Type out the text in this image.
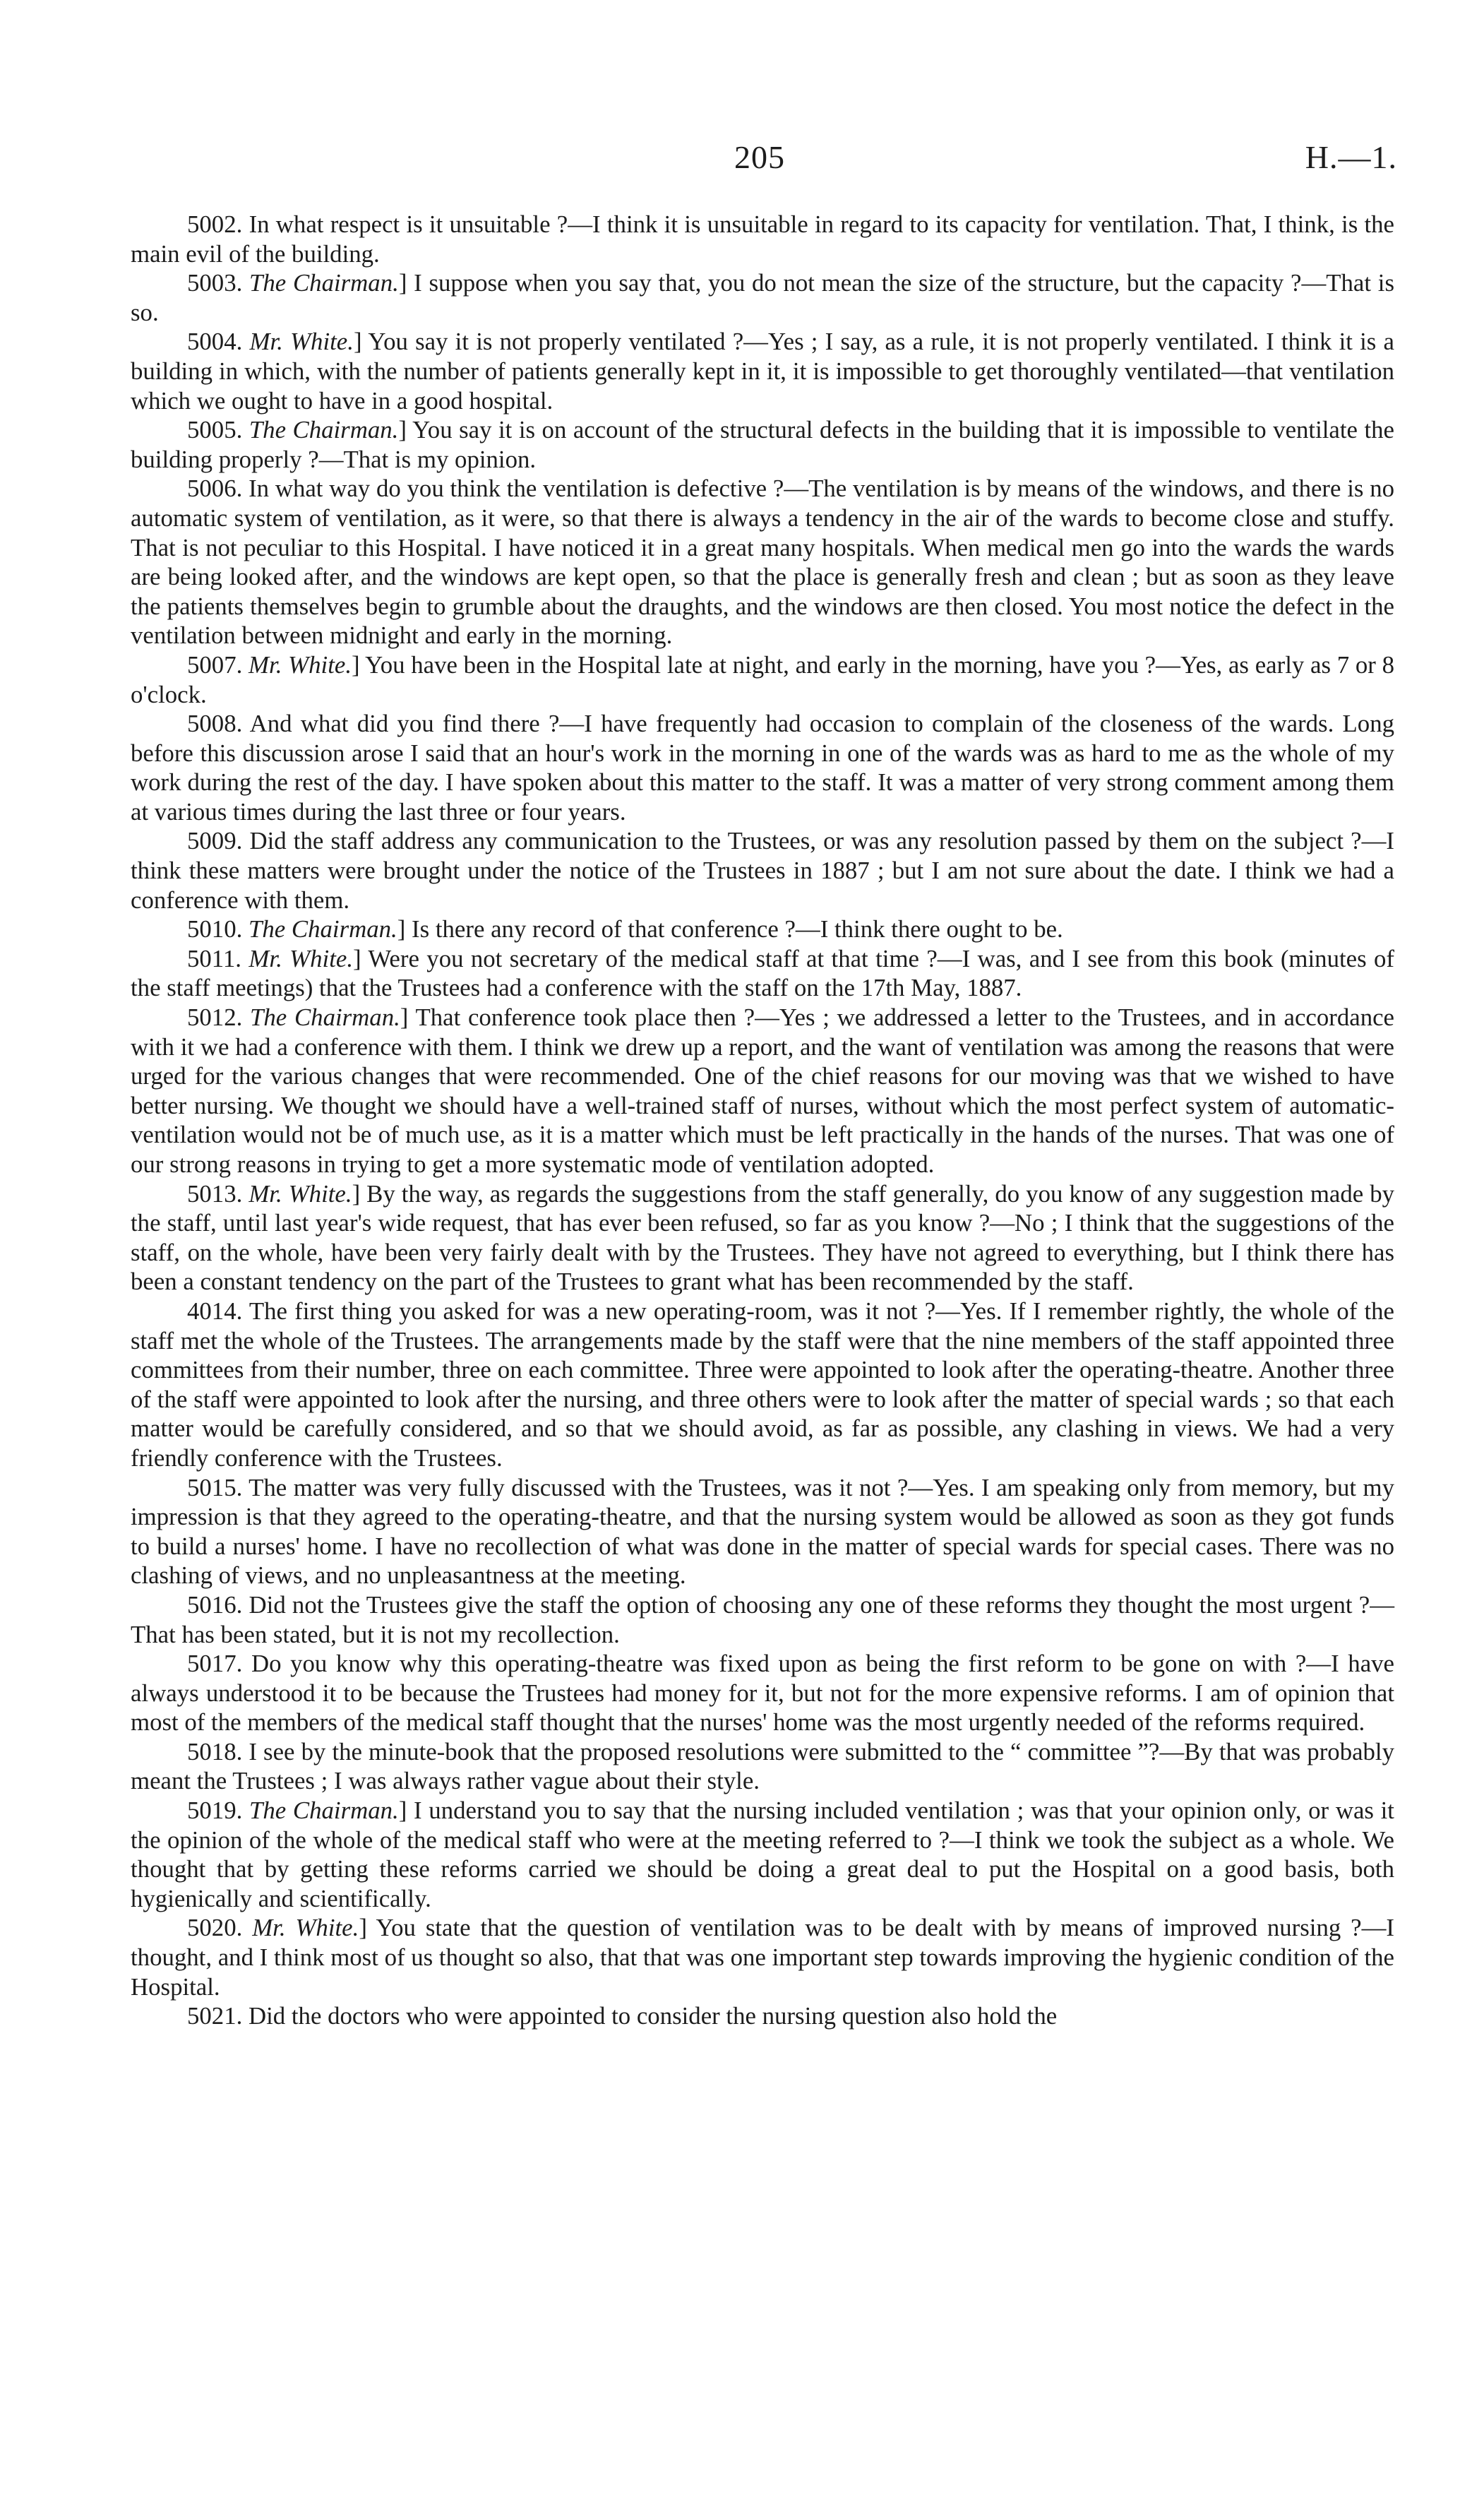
205	H.—1.

5002. In what respect is it unsuitable ?—I think it is unsuitable in regard to its capacity for ventilation. That, I think, is the main evil of the building.

5003. The Chairman.] I suppose when you say that, you do not mean the size of the structure, but the capacity ?—That is so.

5004. Mr. White.] You say it is not properly ventilated ?—Yes ; I say, as a rule, it is not properly ventilated. I think it is a building in which, with the number of patients generally kept in it, it is impossible to get thoroughly ventilated—that ventilation which we ought to have in a good hospital.

5005. The Chairman.] You say it is on account of the structural defects in the building that it is impossible to ventilate the building properly ?—That is my opinion.

5006. In what way do you think the ventilation is defective ?—The ventilation is by means of the windows, and there is no automatic system of ventilation, as it were, so that there is always a tendency in the air of the wards to become close and stuffy. That is not peculiar to this Hospital. I have noticed it in a great many hospitals. When medical men go into the wards the wards are being looked after, and the windows are kept open, so that the place is generally fresh and clean ; but as soon as they leave the patients themselves begin to grumble about the draughts, and the windows are then closed. You most notice the defect in the ventilation between midnight and early in the morning.

5007. Mr. White.] You have been in the Hospital late at night, and early in the morning, have you ?—Yes, as early as 7 or 8 o'clock.

5008. And what did you find there ?—I have frequently had occasion to complain of the closeness of the wards. Long before this discussion arose I said that an hour's work in the morning in one of the wards was as hard to me as the whole of my work during the rest of the day. I have spoken about this matter to the staff. It was a matter of very strong comment among them at various times during the last three or four years.

5009. Did the staff address any communication to the Trustees, or was any resolution passed by them on the subject ?—I think these matters were brought under the notice of the Trustees in 1887 ; but I am not sure about the date. I think we had a conference with them.

5010. The Chairman.] Is there any record of that conference ?—I think there ought to be.

5011. Mr. White.] Were you not secretary of the medical staff at that time ?—I was, and I see from this book (minutes of the staff meetings) that the Trustees had a conference with the staff on the 17th May, 1887.

5012. The Chairman.] That conference took place then ?—Yes ; we addressed a letter to the Trustees, and in accordance with it we had a conference with them. I think we drew up a report, and the want of ventilation was among the reasons that were urged for the various changes that were recommended. One of the chief reasons for our moving was that we wished to have better nursing. We thought we should have a well-trained staff of nurses, without which the most perfect system of automatic-ventilation would not be of much use, as it is a matter which must be left practically in the hands of the nurses. That was one of our strong reasons in trying to get a more systematic mode of ventilation adopted.

5013. Mr. White.] By the way, as regards the suggestions from the staff generally, do you know of any suggestion made by the staff, until last year's wide request, that has ever been refused, so far as you know ?—No ; I think that the suggestions of the staff, on the whole, have been very fairly dealt with by the Trustees. They have not agreed to everything, but I think there has been a constant tendency on the part of the Trustees to grant what has been recommended by the staff.

4014. The first thing you asked for was a new operating-room, was it not ?—Yes. If I remember rightly, the whole of the staff met the whole of the Trustees. The arrangements made by the staff were that the nine members of the staff appointed three committees from their number, three on each committee. Three were appointed to look after the operating-theatre. Another three of the staff were appointed to look after the nursing, and three others were to look after the matter of special wards ; so that each matter would be carefully considered, and so that we should avoid, as far as possible, any clashing in views. We had a very friendly conference with the Trustees.

5015. The matter was very fully discussed with the Trustees, was it not ?—Yes. I am speaking only from memory, but my impression is that they agreed to the operating-theatre, and that the nursing system would be allowed as soon as they got funds to build a nurses' home. I have no recollection of what was done in the matter of special wards for special cases. There was no clashing of views, and no unpleasantness at the meeting.

5016. Did not the Trustees give the staff the option of choosing any one of these reforms they thought the most urgent ?—That has been stated, but it is not my recollection.

5017. Do you know why this operating-theatre was fixed upon as being the first reform to be gone on with ?—I have always understood it to be because the Trustees had money for it, but not for the more expensive reforms. I am of opinion that most of the members of the medical staff thought that the nurses' home was the most urgently needed of the reforms required.

5018. I see by the minute-book that the proposed resolutions were submitted to the “ committee ”?—By that was probably meant the Trustees ; I was always rather vague about their style.

5019. The Chairman.] I understand you to say that the nursing included ventilation ; was that your opinion only, or was it the opinion of the whole of the medical staff who were at the meeting referred to ?—I think we took the subject as a whole. We thought that by getting these reforms carried we should be doing a great deal to put the Hospital on a good basis, both hygienically and scientifically.

5020. Mr. White.] You state that the question of ventilation was to be dealt with by means of improved nursing ?—I thought, and I think most of us thought so also, that that was one important step towards improving the hygienic condition of the Hospital.

5021. Did the doctors who were appointed to consider the nursing question also hold the
